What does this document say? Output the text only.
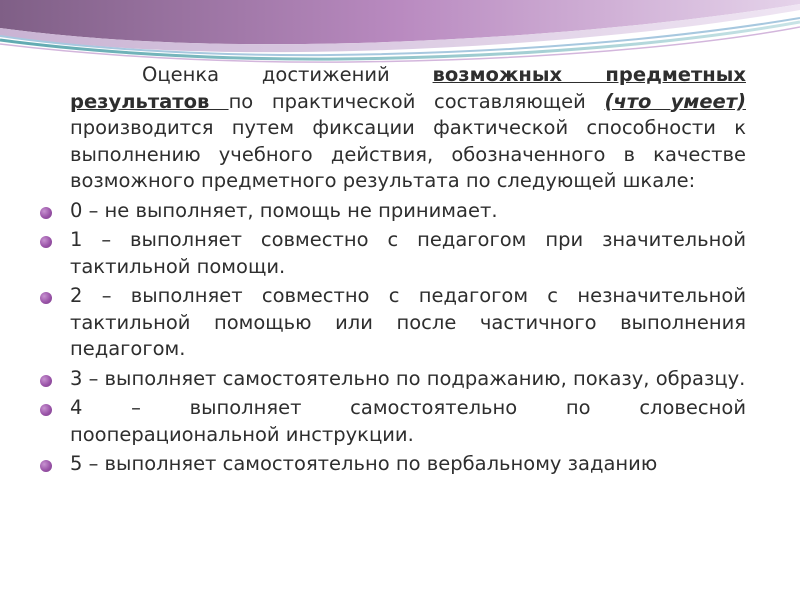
Оценка достижений возможных предметных результатов по практической составляющей (что умеет) производится путем фиксации фактической способности к выполнению учебного действия, обозначенного в качестве возможного предметного результата по следующей шкале:

0 – не выполняет, помощь не принимает.
1 – выполняет совместно с педагогом при значительной тактильной помощи.
2 – выполняет совместно с педагогом с незначительной тактильной помощью или после частичного выполнения педагогом.
3 – выполняет самостоятельно по подражанию, показу, образцу.
4 – выполняет самостоятельно по словесной пооперациональной инструкции.
5 – выполняет самостоятельно по вербальному заданию
